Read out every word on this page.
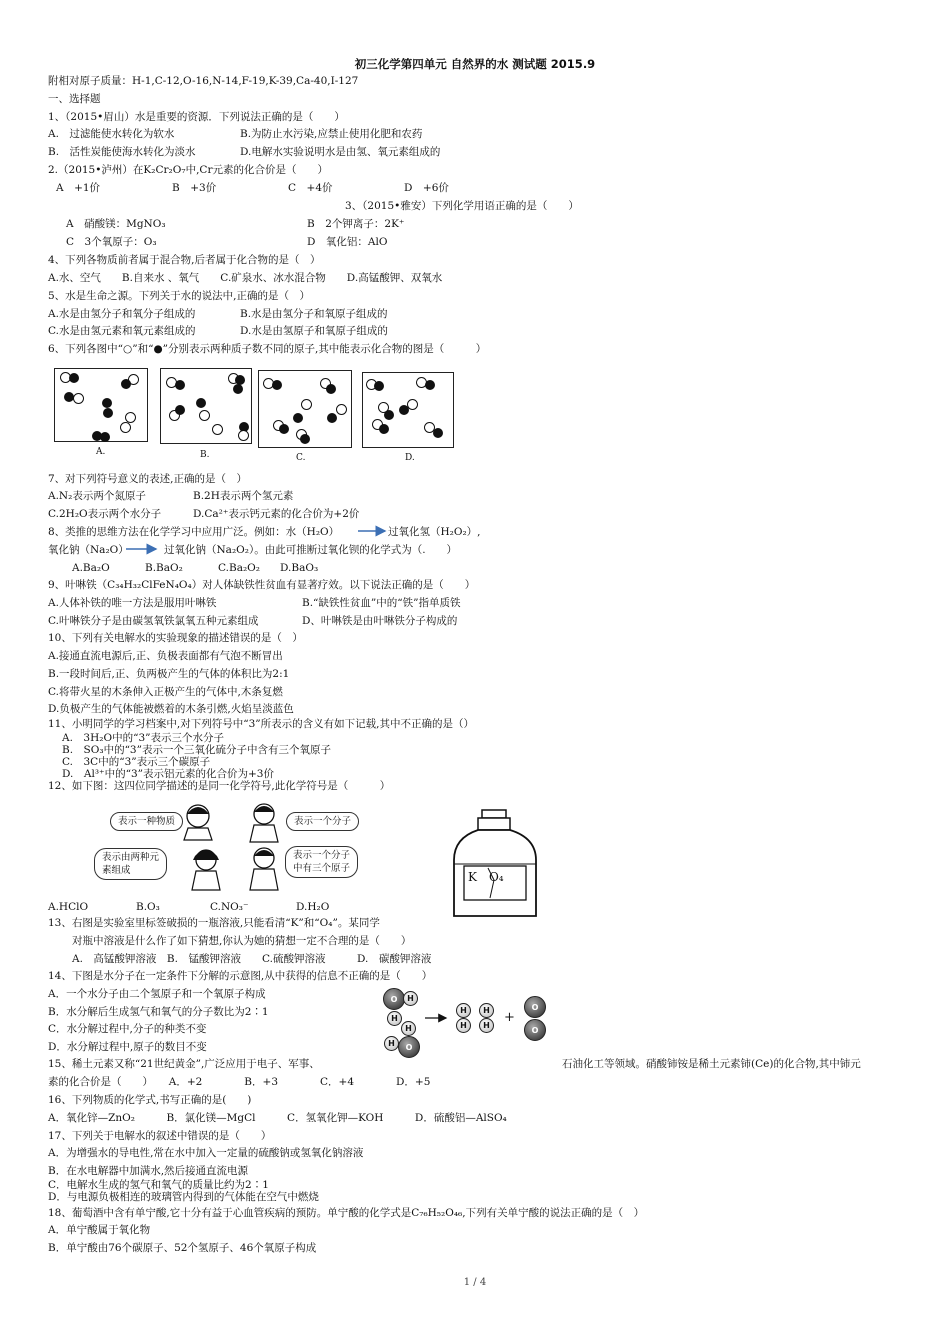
初三化学第四单元 自然界的水 测试题 2015.9
附相对原子质量：H-1,C-12,O-16,N-14,F-19,K-39,Ca-40,I-127
一、选择题
1、（2015•眉山）水是重要的资源．下列说法正确的是（　　）
A.　过滤能使水转化为软水	B.为防止水污染,应禁止使用化肥和农药
B.　活性炭能使海水转化为淡水	D.电解水实验说明水是由氢、氧元素组成的
2.（2015•泸州）在K₂Cr₂O₇中,Cr元素的化合价是（　　）
A　+1价	B　+3价	C　+4价	D　+6价
3、（2015•雅安）下列化学用语正确的是（　　）
A　硝酸镁：MgNO₃	B　2个钾离子：2K⁺
C　3个氧原子：O₃	D　氧化铝：AlO
4、下列各物质前者属于混合物,后者属于化合物的是（　）
A.水、空气　　B.自来水 、氧气　　C.矿泉水、冰水混合物　　D.高锰酸钾、双氧水
5、水是生命之源。下列关于水的说法中,正确的是（　）
A.水是由氢分子和氧分子组成的	B.水是由氢分子和氧原子组成的
C.水是由氢元素和氧元素组成的	D.水是由氢原子和氧原子组成的
6、下列各图中“○”和“●”分别表示两种质子数不同的原子,其中能表示化合物的图是（　　　）
7、对下列符号意义的表述,正确的是（　）
A.N₂表示两个氮原子	B.2H表示两个氢元素
C.2H₂O表示两个水分子	D.Ca²⁺表示钙元素的化合价为+2价
8、类推的思维方法在化学学习中应用广泛。例如：水（H₂O）	过氧化氢（H₂O₂）,
氧化钠（Na₂O）	过氧化钠（Na₂O₂）。由此可推断过氧化钡的化学式为（.　　）
A.Ba₂O	B.BaO₂	C.Ba₂O₂ D.BaO₃
9、叶啉铁（C₃₄H₃₂ClFeN₄O₄）对人体缺铁性贫血有显著疗效。以下说法正确的是（　　）
A.人体补铁的唯一方法是服用叶啉铁	B.“缺铁性贫血”中的“铁”指单质铁
C.叶啉铁分子是由碳氢氧铁氯氧五种元素组成	D、叶啉铁是由叶啉铁分子构成的
10、下列有关电解水的实验现象的描述错误的是（　）
A.接通直流电源后,正、负极表面都有气泡不断冒出
B.一段时间后,正、负两极产生的气体的体积比为2:1
C.将带火星的木条伸入正极产生的气体中,木条复燃
D.负极产生的气体能被燃着的木条引燃,火焰呈淡蓝色
11、小明同学的学习档案中,对下列符号中“3”所表示的含义有如下记载,其中不正确的是（）
A.　3H₂O中的“3”表示三个水分子
B.　SO₃中的“3”表示一个三氧化硫分子中含有三个氧原子
C.　3C中的“3”表示三个碳原子
D.　Al³⁺中的“3”表示铝元素的化合价为+3价
12、如下图：这四位同学描述的是同一化学符号,此化学符号是（　　　）
A.HClO	B.O₃	C.NO₃⁻	D.H₂O
13、右图是实验室里标签破损的一瓶溶液,只能看清“K”和“O₄”。某同学
对瓶中溶液是什么作了如下猜想,你认为她的猜想一定不合理的是（　　）
A.　高锰酸钾溶液　B.　锰酸钾溶液　　C.硫酸钾溶液　　　D.　碳酸钾溶液
14、下图是水分子在一定条件下分解的示意图,从中获得的信息不正确的是（　　）
A．一个水分子由二个氢原子和一个氧原子构成
B．水分解后生成氢气和氧气的分子数比为2∶1
C．水分解过程中,分子的种类不变
D．水分解过程中,原子的数目不变
15、稀土元素又称“21世纪黄金”,广泛应用于电子、军事、	石油化工等领域。硝酸铈铵是稀土元素铈(Ce)的化合物,其中铈元
素的化合价是（　　）　　A．+2　　　　B．+3　　　　C．+4　　　　D．+5
16、下列物质的化学式,书写正确的是(　　)
A．氧化锌—ZnO₂　　　B．氯化镁—MgCl　　　C．氢氧化钾—KOH　　　D．硫酸铝—AlSO₄
17、下列关于电解水的叙述中错误的是（　　）
A．为增强水的导电性,常在水中加入一定量的硫酸钠或氢氧化钠溶液
B．在水电解器中加满水,然后接通直流电源
C．电解水生成的氢气和氧气的质量比约为2∶1
D．与电源负极相连的玻璃管内得到的气体能在空气中燃烧
18、葡萄酒中含有单宁酸,它十分有益于心血管疾病的预防。单宁酸的化学式是C₇₆H₅₂O₄₆,下列有关单宁酸的说法正确的是（　）
A．单宁酸属于氧化物
B．单宁酸由76个碳原子、52个氢原子、46个氧原子构成
A.	B.	C.	D.
表示一种物质	表示一个分子
表示由两种元
素组成
表示一个分子
中有三个原子
K　O₄
O	H
H
H
H	O
H
H
H
H
+
O
O
1 / 4
